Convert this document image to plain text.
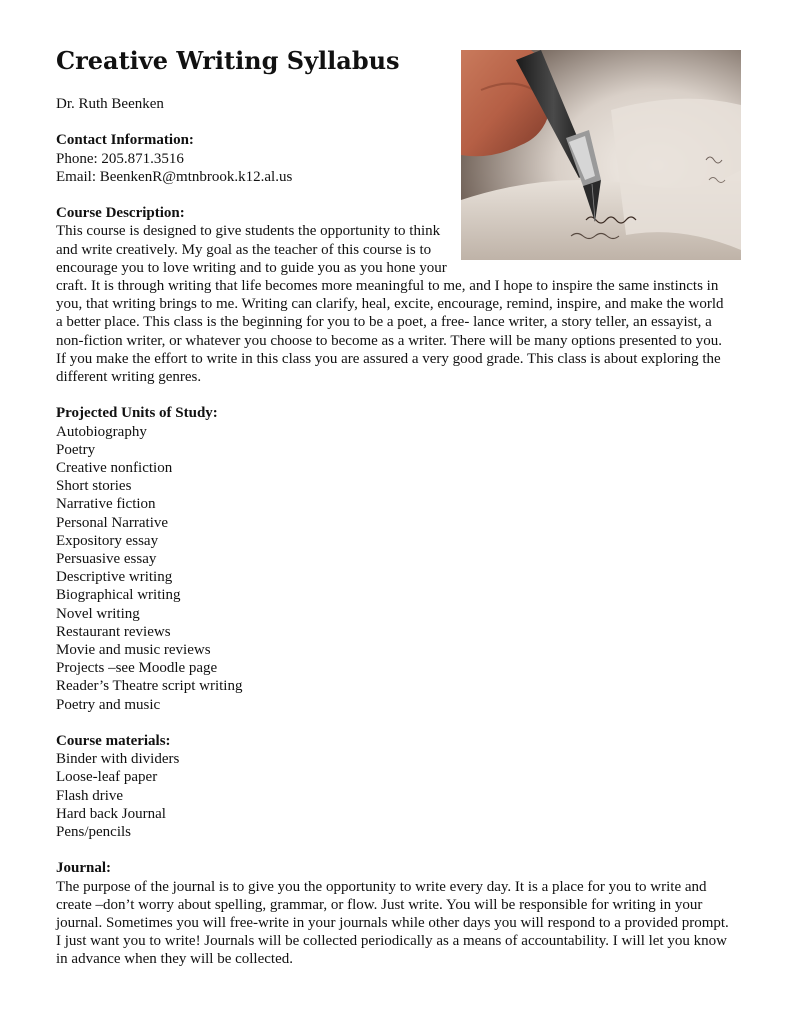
Creative Writing Syllabus

Dr. Ruth Beenken

Contact Information:

Phone: 205.871.3516

Email: BeenkenR@mtnbrook.k12.al.us

Course Description:

This course is designed to give students the opportunity to think and write creatively. My goal as the teacher of this course is to encourage you to love writing and to guide you as you hone your craft. It is through writing that life becomes more meaningful to me, and I hope to inspire the same instincts in you, that writing brings to me. Writing can clarify, heal, excite, encourage, remind, inspire, and make the world a better place. This class is the beginning for you to be a poet, a free- lance writer, a story teller, an essayist, a non-fiction writer, or whatever you choose to become as a writer. There will be many options presented to you. If you make the effort to write in this class you are assured a very good grade. This class is about exploring the different writing genres.

Projected Units of Study:

Autobiography
Poetry
Creative nonfiction
Short stories
Narrative fiction
Personal Narrative
Expository essay
Persuasive essay
Descriptive writing
Biographical writing
Novel writing
Restaurant reviews
Movie and music reviews
Projects –see Moodle page
Reader’s Theatre script writing
Poetry and music

Course materials:

Binder with dividers
Loose-leaf paper
Flash drive
Hard back Journal
Pens/pencils

Journal:

The purpose of the journal is to give you the opportunity to write every day. It is a place for you to write and create –don’t worry about spelling, grammar, or flow. Just write. You will be responsible for writing in your journal. Sometimes you will free-write in your journals while other days you will respond to a provided prompt. I just want you to write! Journals will be collected periodically as a means of accountability. I will let you know in advance when they will be collected.
